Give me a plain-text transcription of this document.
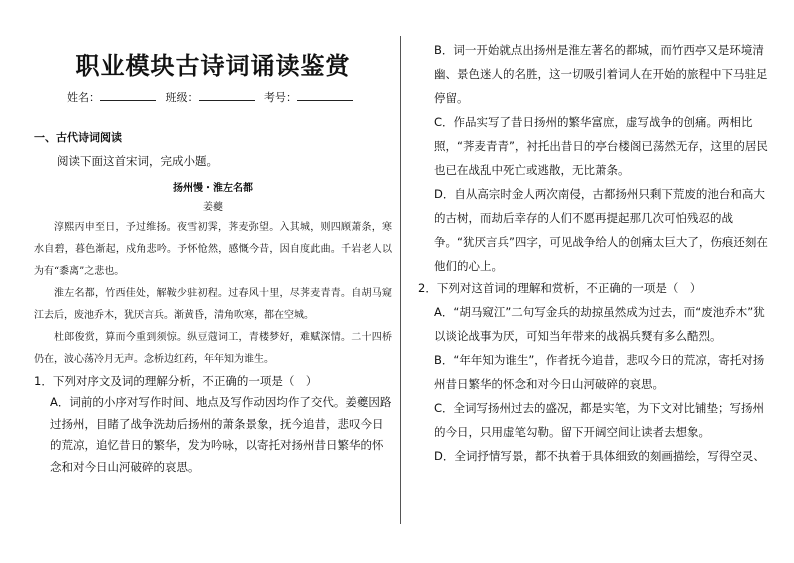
职业模块古诗词诵读鉴赏
姓名：	班级：	考号：
一、古代诗词阅读
阅读下面这首宋词，完成小题。
扬州慢・淮左名都
姜夔
淳熙丙申至日，予过维扬。夜雪初霁，荠麦弥望。入其城，则四顾萧条，寒水自碧，暮色渐起，戍角悲吟。予怀怆然，感慨今昔，因自度此曲。千岩老人以为有“黍离”之悲也。
淮左名都，竹西佳处，解鞍少驻初程。过春风十里，尽荠麦青青。自胡马窥江去后，废池乔木，犹厌言兵。渐黄昏，清角吹寒，都在空城。
杜郎俊赏，算而今重到须惊。纵豆蔻词工，青楼梦好，难赋深情。二十四桥仍在，波心荡冷月无声。念桥边红药，年年知为谁生。
1．下列对序文及词的理解分析，不正确的一项是（　）
A．词前的小序对写作时间、地点及写作动因均作了交代。姜夔因路过扬州，目睹了战争洗劫后扬州的萧条景象，抚今追昔，悲叹今日的荒凉，追忆昔日的繁华，发为吟咏，以寄托对扬州昔日繁华的怀念和对今日山河破碎的哀思。
B．词一开始就点出扬州是淮左著名的都城，而竹西亭又是环境清幽、景色迷人的名胜，这一切吸引着词人在开始的旅程中下马驻足停留。
C．作品实写了昔日扬州的繁华富庶，虚写战争的创痛。两相比照，“荠麦青青”，衬托出昔日的亭台楼阁已荡然无存，这里的居民也已在战乱中死亡或逃散，无比萧条。
D．自从高宗时金人两次南侵，古都扬州只剩下荒废的池台和高大的古树，而劫后幸存的人们不愿再提起那几次可怕残忍的战争。“犹厌言兵”四字，可见战争给人的创痛太巨大了，伤痕还刻在他们的心上。
2．下列对这首词的理解和赏析，不正确的一项是（　）
A．“胡马窥江”二句写金兵的劫掠虽然成为过去，而“废池乔木”犹以谈论战事为厌，可知当年带来的战祸兵燹有多么酷烈。
B．“年年知为谁生”，作者抚今追昔，悲叹今日的荒凉，寄托对扬州昔日繁华的怀念和对今日山河破碎的哀思。
C．全词写扬州过去的盛况，都是实笔，为下文对比铺垫；写扬州的今日，只用虚笔勾勒。留下开阔空间让读者去想象。
D．全词抒情写景，都不执着于具体细致的刻画描绘，写得空灵、
